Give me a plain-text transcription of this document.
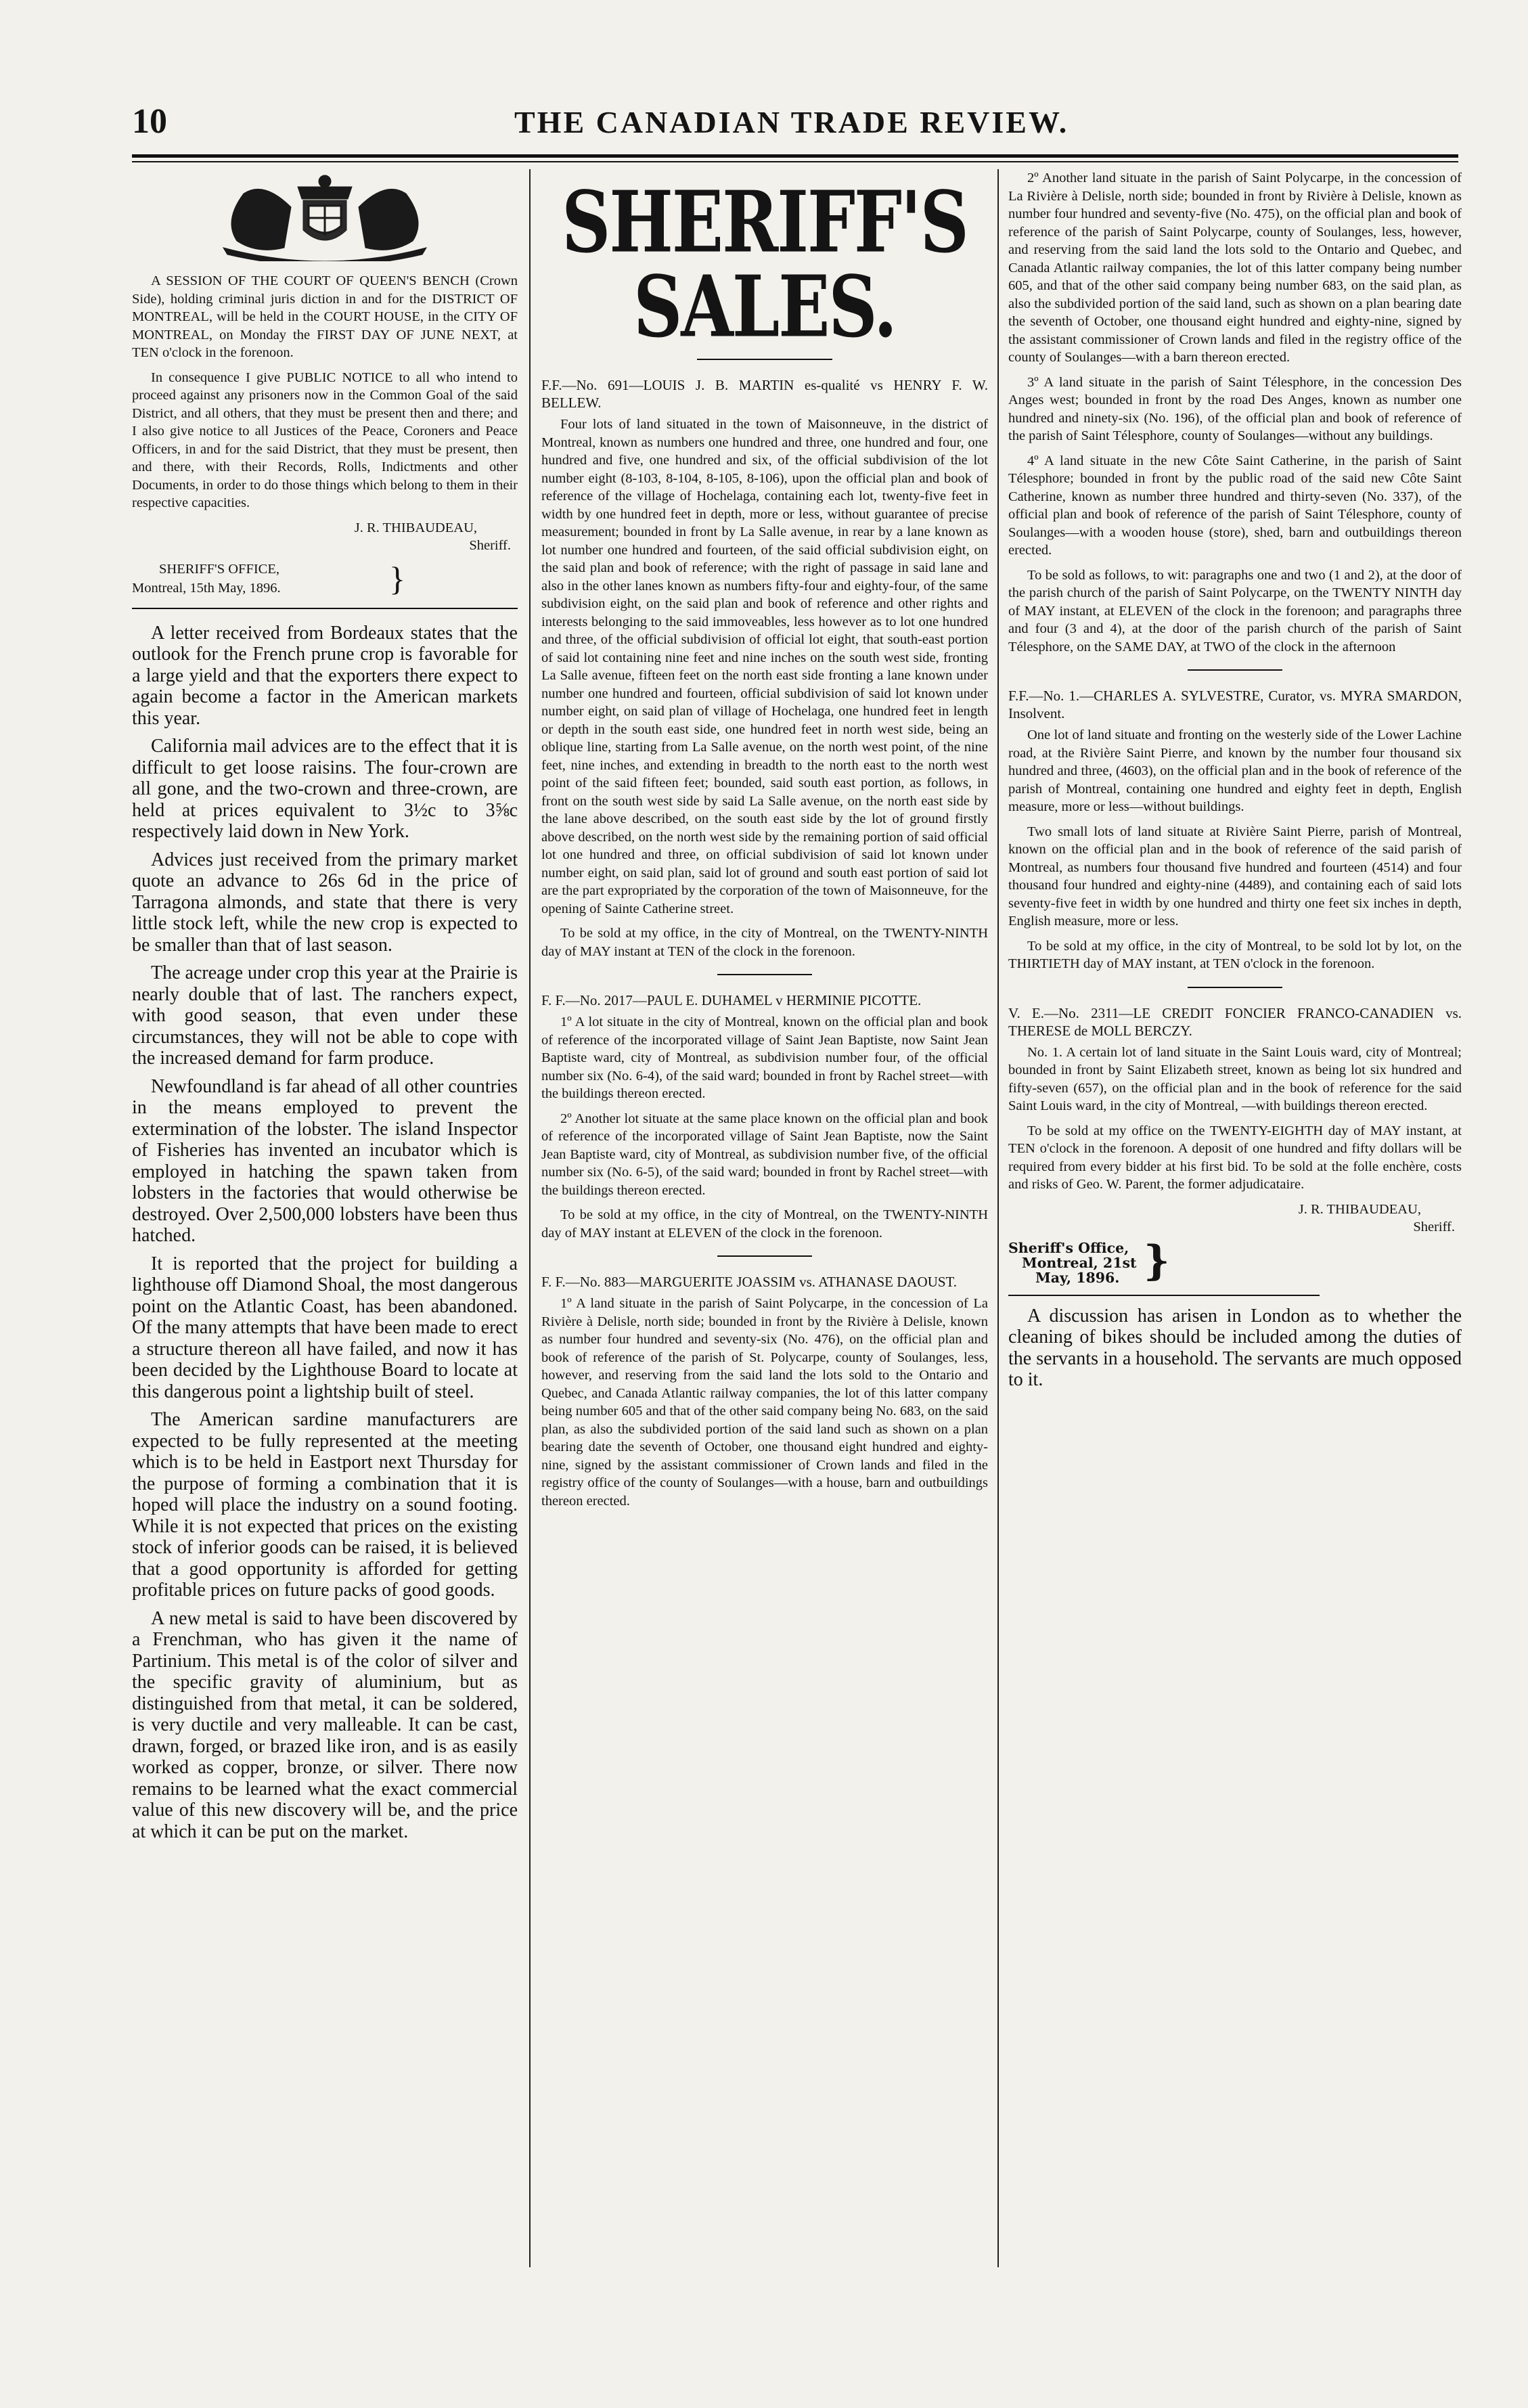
10	THE CANADIAN TRADE REVIEW.

A SESSION OF THE COURT OF QUEEN'S BENCH (Crown Side), holding criminal juris diction in and for the DISTRICT OF MONTREAL, will be held in the COURT HOUSE, in the CITY OF MONTREAL, on Monday the FIRST DAY OF JUNE NEXT, at TEN o'clock in the forenoon.

In consequence I give PUBLIC NOTICE to all who intend to proceed against any prisoners now in the Common Goal of the said District, and all others, that they must be present then and there; and I also give notice to all Justices of the Peace, Coroners and Peace Officers, in and for the said District, that they must be present, then and there, with their Records, Rolls, Indictments and other Documents, in order to do those things which belong to them in their respective capacities.

J. R. THIBAUDEAU,

Sheriff.

SHERIFF'S OFFICE,
Montreal, 15th May, 1896.	}

A letter received from Bordeaux states that the outlook for the French prune crop is favorable for a large yield and that the exporters there expect to again become a factor in the American markets this year.

California mail advices are to the effect that it is difficult to get loose raisins. The four-crown are all gone, and the two-crown and three-crown, are held at prices equivalent to 3½c to 3⅝c respectively laid down in New York.

Advices just received from the primary market quote an advance to 26s 6d in the price of Tarragona almonds, and state that there is very little stock left, while the new crop is expected to be smaller than that of last season.

The acreage under crop this year at the Prairie is nearly double that of last. The ranchers expect, with good season, that even under these circumstances, they will not be able to cope with the increased demand for farm produce.

Newfoundland is far ahead of all other countries in the means employed to prevent the extermination of the lobster. The island Inspector of Fisheries has invented an incubator which is employed in hatching the spawn taken from lobsters in the factories that would otherwise be destroyed. Over 2,500,000 lobsters have been thus hatched.

It is reported that the project for building a lighthouse off Diamond Shoal, the most dangerous point on the Atlantic Coast, has been abandoned. Of the many attempts that have been made to erect a structure thereon all have failed, and now it has been decided by the Lighthouse Board to locate at this dangerous point a lightship built of steel.

The American sardine manufacturers are expected to be fully represented at the meeting which is to be held in Eastport next Thursday for the purpose of forming a combination that it is hoped will place the industry on a sound footing. While it is not expected that prices on the existing stock of inferior goods can be raised, it is believed that a good opportunity is afforded for getting profitable prices on future packs of good goods.

A new metal is said to have been discovered by a Frenchman, who has given it the name of Partinium. This metal is of the color of silver and the specific gravity of aluminium, but as distinguished from that metal, it can be soldered, is very ductile and very malleable. It can be cast, drawn, forged, or brazed like iron, and is as easily worked as copper, bronze, or silver. There now remains to be learned what the exact commercial value of this new discovery will be, and the price at which it can be put on the market.

SHERIFF'S SALES.

F.F.—No. 691—LOUIS J. B. MARTIN es-qualité vs HENRY F. W. BELLEW.

Four lots of land situated in the town of Maisonneuve, in the district of Montreal, known as numbers one hundred and three, one hundred and four, one hundred and five, one hundred and six, of the official subdivision of the lot number eight (8-103, 8-104, 8-105, 8-106), upon the official plan and book of reference of the village of Hochelaga, containing each lot, twenty-five feet in width by one hundred feet in depth, more or less, without guarantee of precise measurement; bounded in front by La Salle avenue, in rear by a lane known as lot number one hundred and fourteen, of the said official subdivision eight, on the said plan and book of reference; with the right of passage in said lane and also in the other lanes known as numbers fifty-four and eighty-four, of the same subdivision eight, on the said plan and book of reference and other rights and interests belonging to the said immoveables, less however as to lot one hundred and three, of the official subdivision of official lot eight, that south-east portion of said lot containing nine feet and nine inches on the south west side, fronting La Salle avenue, fifteen feet on the north east side fronting a lane known under number one hundred and fourteen, official subdivision of said lot known under number eight, on said plan of village of Hochelaga, one hundred feet in length or depth in the south east side, one hundred feet in north west side, being an oblique line, starting from La Salle avenue, on the north west point, of the nine feet, nine inches, and extending in breadth to the north east to the north west point of the said fifteen feet; bounded, said south east portion, as follows, in front on the south west side by said La Salle avenue, on the north east side by the lane above described, on the south east side by the lot of ground firstly above described, on the north west side by the remaining portion of said official lot one hundred and three, on official subdivision of said lot known under number eight, on said plan, said lot of ground and south east portion of said lot are the part expropriated by the corporation of the town of Maisonneuve, for the opening of Sainte Catherine street.

To be sold at my office, in the city of Montreal, on the TWENTY-NINTH day of MAY instant at TEN of the clock in the forenoon.

F. F.—No. 2017—PAUL E. DUHAMEL v HERMINIE PICOTTE.

1º A lot situate in the city of Montreal, known on the official plan and book of reference of the incorporated village of Saint Jean Baptiste, now Saint Jean Baptiste ward, city of Montreal, as subdivision number four, of the official number six (No. 6-4), of the said ward; bounded in front by Rachel street—with the buildings thereon erected.

2º Another lot situate at the same place known on the official plan and book of reference of the incorporated village of Saint Jean Baptiste, now the Saint Jean Baptiste ward, city of Montreal, as subdivision number five, of the official number six (No. 6-5), of the said ward; bounded in front by Rachel street—with the buildings thereon erected.

To be sold at my office, in the city of Montreal, on the TWENTY-NINTH day of MAY instant at ELEVEN of the clock in the forenoon.

F. F.—No. 883—MARGUERITE JOASSIM vs. ATHANASE DAOUST.

1º A land situate in the parish of Saint Polycarpe, in the concession of La Rivière à Delisle, north side; bounded in front by the Rivière à Delisle, known as number four hundred and seventy-six (No. 476), on the official plan and book of reference of the parish of St. Polycarpe, county of Soulanges, less, however, and reserving from the said land the lots sold to the Ontario and Quebec, and Canada Atlantic railway companies, the lot of this latter company being number 605 and that of the other said company being No. 683, on the said plan, as also the subdivided portion of the said land such as shown on a plan bearing date the seventh of October, one thousand eight hundred and eighty-nine, signed by the assistant commissioner of Crown lands and filed in the registry office of the county of Soulanges—with a house, barn and outbuildings thereon erected.

2º Another land situate in the parish of Saint Polycarpe, in the concession of La Rivière à Delisle, north side; bounded in front by Rivière à Delisle, known as number four hundred and seventy-five (No. 475), on the official plan and book of reference of the parish of Saint Polycarpe, county of Soulanges, less, however, and reserving from the said land the lots sold to the Ontario and Quebec, and Canada Atlantic railway companies, the lot of this latter company being number 605, and that of the other said company being number 683, on the said plan, as also the subdivided portion of the said land, such as shown on a plan bearing date the seventh of October, one thousand eight hundred and eighty-nine, signed by the assistant commissioner of Crown lands and filed in the registry office of the county of Soulanges—with a barn thereon erected.

3º A land situate in the parish of Saint Télesphore, in the concession Des Anges west; bounded in front by the road Des Anges, known as number one hundred and ninety-six (No. 196), of the official plan and book of reference of the parish of Saint Télesphore, county of Soulanges—without any buildings.

4º A land situate in the new Côte Saint Catherine, in the parish of Saint Télesphore; bounded in front by the public road of the said new Côte Saint Catherine, known as number three hundred and thirty-seven (No. 337), of the official plan and book of reference of the parish of Saint Télesphore, county of Soulanges—with a wooden house (store), shed, barn and outbuildings thereon erected.

To be sold as follows, to wit: paragraphs one and two (1 and 2), at the door of the parish church of the parish of Saint Polycarpe, on the TWENTY NINTH day of MAY instant, at ELEVEN of the clock in the forenoon; and paragraphs three and four (3 and 4), at the door of the parish church of the parish of Saint Télesphore, on the SAME DAY, at TWO of the clock in the afternoon

F.F.—No. 1.—CHARLES A. SYLVESTRE, Curator, vs. MYRA SMARDON, Insolvent.

One lot of land situate and fronting on the westerly side of the Lower Lachine road, at the Rivière Saint Pierre, and known by the number four thousand six hundred and three, (4603), on the official plan and in the book of reference of the parish of Montreal, containing one hundred and eighty feet in depth, English measure, more or less—without buildings.

Two small lots of land situate at Rivière Saint Pierre, parish of Montreal, known on the official plan and in the book of reference of the said parish of Montreal, as numbers four thousand five hundred and fourteen (4514) and four thousand four hundred and eighty-nine (4489), and containing each of said lots seventy-five feet in width by one hundred and thirty one feet six inches in depth, English measure, more or less.

To be sold at my office, in the city of Montreal, to be sold lot by lot, on the THIRTIETH day of MAY instant, at TEN o'clock in the forenoon.

V. E.—No. 2311—LE CREDIT FONCIER FRANCO-CANADIEN vs. THERESE de MOLL BERCZY.

No. 1. A certain lot of land situate in the Saint Louis ward, city of Montreal; bounded in front by Saint Elizabeth street, known as being lot six hundred and fifty-seven (657), on the official plan and in the book of reference for the said Saint Louis ward, in the city of Montreal, —with buildings thereon erected.

To be sold at my office on the TWENTY-EIGHTH day of MAY instant, at TEN o'clock in the forenoon. A deposit of one hundred and fifty dollars will be required from every bidder at his first bid. To be sold at the folle enchère, costs and risks of Geo. W. Parent, the former adjudicataire.

J. R. THIBAUDEAU,

Sheriff.

Sheriff's Office,
Montreal, 21st
May, 1896. }

A discussion has arisen in London as to whether the cleaning of bikes should be included among the duties of the servants in a household. The servants are much opposed to it.
